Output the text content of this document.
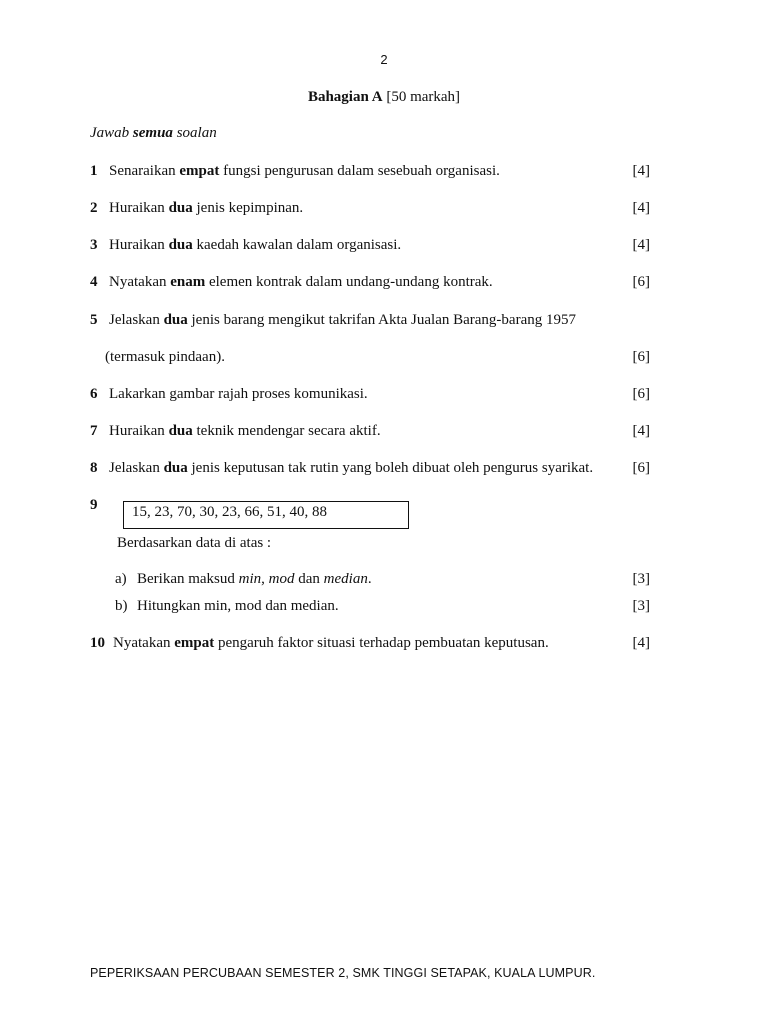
2
Bahagian A [50 markah]
Jawab semua soalan
1 Senaraikan empat fungsi pengurusan dalam sesebuah organisasi.	[4]
2 Huraikan dua jenis kepimpinan.	[4]
3 Huraikan dua kaedah kawalan dalam organisasi.	[4]
4 Nyatakan enam elemen kontrak dalam undang-undang kontrak.	[6]
5 Jelaskan dua jenis barang mengikut takrifan Akta Jualan Barang-barang 1957
(termasuk pindaan).	[6]
6 Lakarkan gambar rajah proses komunikasi.	[6]
7 Huraikan dua teknik mendengar secara aktif.	[4]
8 Jelaskan dua jenis keputusan tak rutin yang boleh dibuat oleh pengurus syarikat.	[6]
9	15, 23, 70, 30, 23, 66, 51, 40, 88
Berdasarkan data di atas :
a) Berikan maksud min, mod dan median.	[3]
b) Hitungkan min, mod dan median.	[3]
10 Nyatakan empat pengaruh faktor situasi terhadap pembuatan keputusan.	[4]
PEPERIKSAAN PERCUBAAN SEMESTER 2, SMK TINGGI SETAPAK, KUALA LUMPUR.
